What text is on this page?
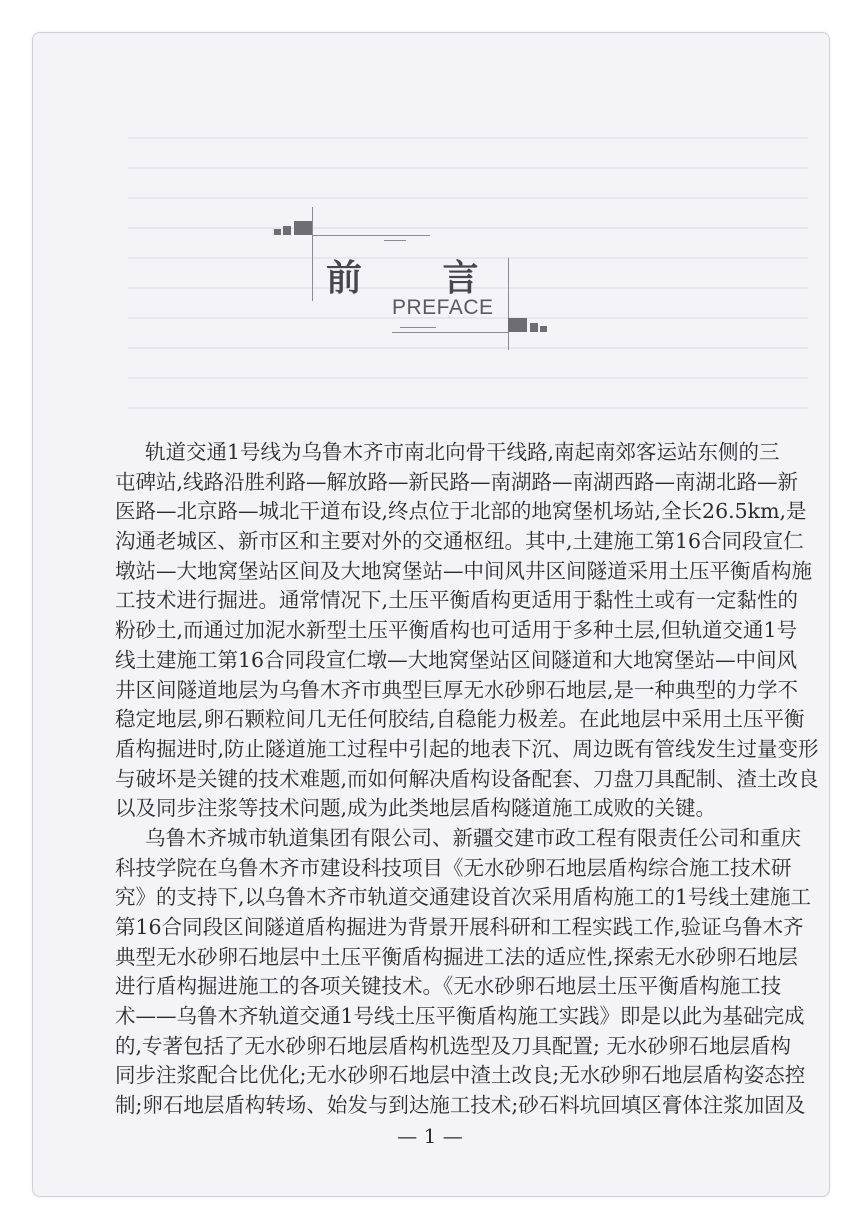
前 言
PREFACE
轨道交通1号线为乌鲁木齐市南北向骨干线路,南起南郊客运站东侧的三
屯碑站,线路沿胜利路—解放路—新民路—南湖路—南湖西路—南湖北路—新
医路—北京路—城北干道布设,终点位于北部的地窝堡机场站,全长26.5km,是
沟通老城区、新市区和主要对外的交通枢纽。其中,土建施工第16合同段宣仁
墩站—大地窝堡站区间及大地窝堡站—中间风井区间隧道采用土压平衡盾构施
工技术进行掘进。通常情况下,土压平衡盾构更适用于黏性土或有一定黏性的
粉砂土,而通过加泥水新型土压平衡盾构也可适用于多种土层,但轨道交通1号
线土建施工第16合同段宣仁墩—大地窝堡站区间隧道和大地窝堡站—中间风
井区间隧道地层为乌鲁木齐市典型巨厚无水砂卵石地层,是一种典型的力学不
稳定地层,卵石颗粒间几无任何胶结,自稳能力极差。在此地层中采用土压平衡
盾构掘进时,防止隧道施工过程中引起的地表下沉、周边既有管线发生过量变形
与破坏是关键的技术难题,而如何解决盾构设备配套、刀盘刀具配制、渣土改良
以及同步注浆等技术问题,成为此类地层盾构隧道施工成败的关键。
乌鲁木齐城市轨道集团有限公司、新疆交建市政工程有限责任公司和重庆
科技学院在乌鲁木齐市建设科技项目《无水砂卵石地层盾构综合施工技术研
究》的支持下,以乌鲁木齐市轨道交通建设首次采用盾构施工的1号线土建施工
第16合同段区间隧道盾构掘进为背景开展科研和工程实践工作,验证乌鲁木齐
典型无水砂卵石地层中土压平衡盾构掘进工法的适应性,探索无水砂卵石地层
进行盾构掘进施工的各项关键技术。《无水砂卵石地层土压平衡盾构施工技
术——乌鲁木齐轨道交通1号线土压平衡盾构施工实践》即是以此为基础完成
的,专著包括了无水砂卵石地层盾构机选型及刀具配置; 无水砂卵石地层盾构
同步注浆配合比优化;无水砂卵石地层中渣土改良;无水砂卵石地层盾构姿态控
制;卵石地层盾构转场、始发与到达施工技术;砂石料坑回填区膏体注浆加固及
— 1 —
